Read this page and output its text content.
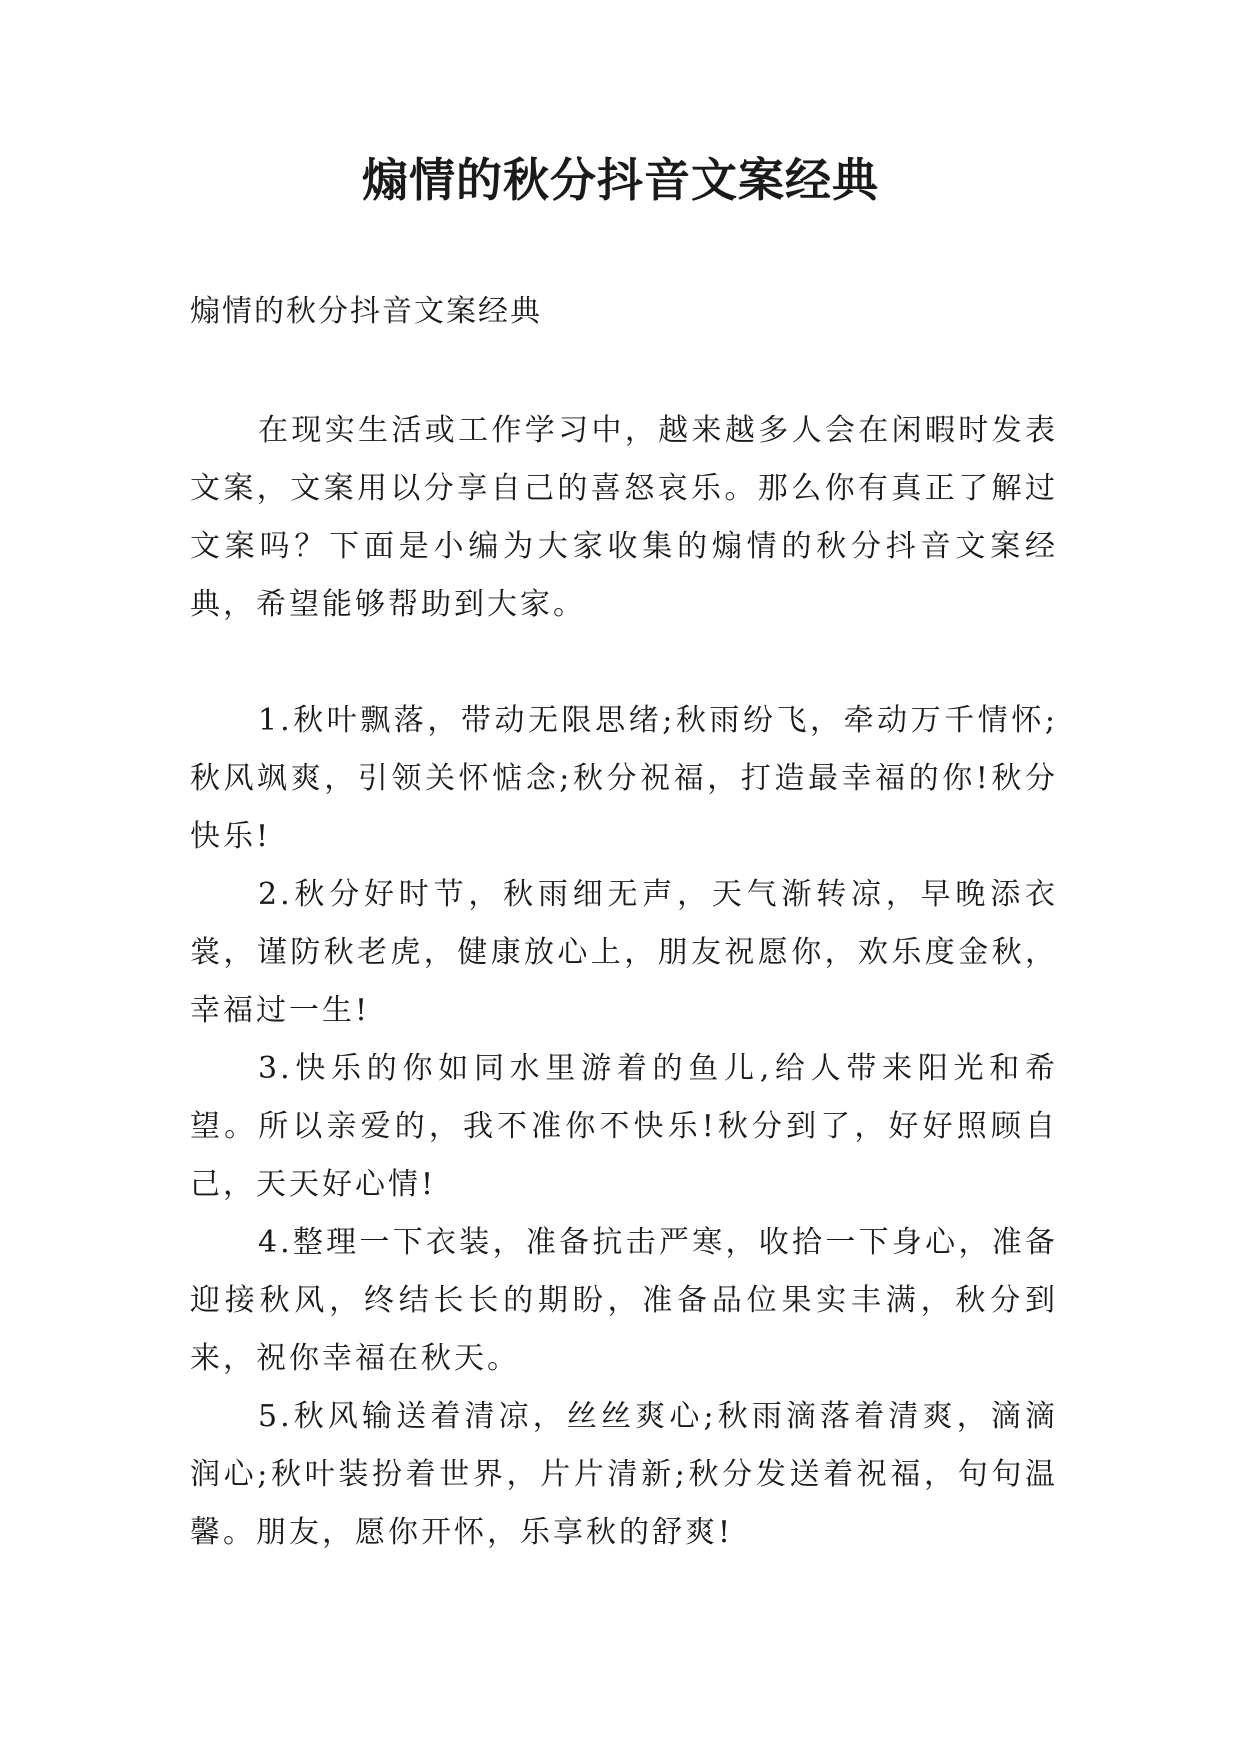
煽情的秋分抖音文案经典
煽情的秋分抖音文案经典

在现实生活或工作学习中，越来越多人会在闲暇时发表文案，文案用以分享自己的喜怒哀乐。那么你有真正了解过文案吗？下面是小编为大家收集的煽情的秋分抖音文案经典，希望能够帮助到大家。

1.秋叶飘落，带动无限思绪;秋雨纷飞，牵动万千情怀;秋风飒爽，引领关怀惦念;秋分祝福，打造最幸福的你!秋分快乐!

2.秋分好时节，秋雨细无声，天气渐转凉，早晚添衣裳，谨防秋老虎，健康放心上，朋友祝愿你，欢乐度金秋，幸福过一生!

3.快乐的你如同水里游着的鱼儿,给人带来阳光和希望。所以亲爱的，我不准你不快乐!秋分到了，好好照顾自己，天天好心情!

4.整理一下衣装，准备抗击严寒，收拾一下身心，准备迎接秋风，终结长长的期盼，准备品位果实丰满，秋分到来，祝你幸福在秋天。

5.秋风输送着清凉，丝丝爽心;秋雨滴落着清爽，滴滴润心;秋叶装扮着世界，片片清新;秋分发送着祝福，句句温馨。朋友，愿你开怀，乐享秋的舒爽!
